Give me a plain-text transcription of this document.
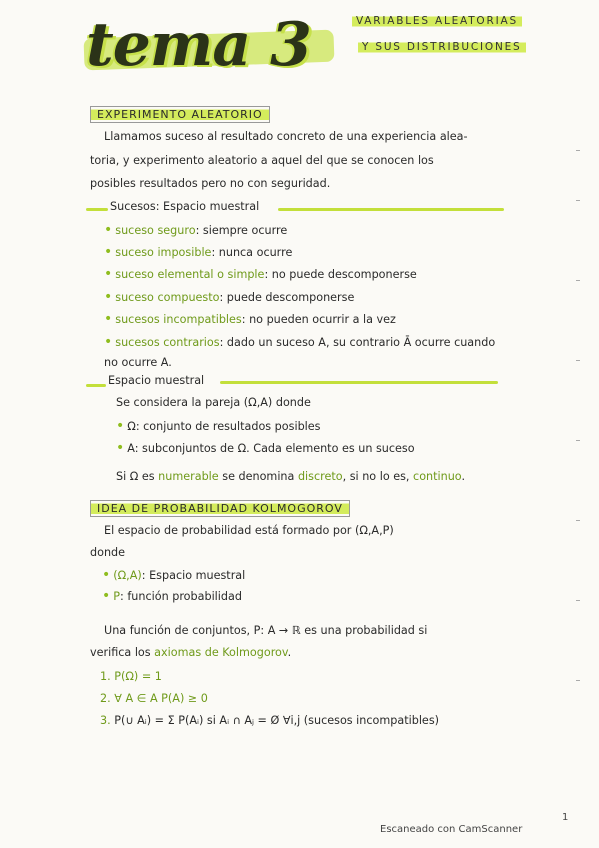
tema 3	VARIABLES ALEATORIAS
Y SUS DISTRIBUCIONES
EXPERIMENTO ALEATORIO
Llamamos suceso al resultado concreto de una experiencia alea-
toria, y experimento aleatorio a aquel del que se conocen los
posibles resultados pero no con seguridad.
Sucesos: Espacio muestral
• suceso seguro: siempre ocurre
• suceso imposible: nunca ocurre
• suceso elemental o simple: no puede descomponerse
• suceso compuesto: puede descomponerse
• sucesos incompatibles: no pueden ocurrir a la vez
• sucesos contrarios: dado un suceso A, su contrario Ā ocurre cuando
no ocurre A.
Espacio muestral
Se considera la pareja (Ω,A) donde
• Ω: conjunto de resultados posibles
• A: subconjuntos de Ω. Cada elemento es un suceso
Si Ω es numerable se denomina discreto, si no lo es, continuo.
IDEA DE PROBABILIDAD KOLMOGOROV
El espacio de probabilidad está formado por (Ω,A,P)
donde
• (Ω,A): Espacio muestral
• P: función probabilidad
Una función de conjuntos, P: A → ℝ es una probabilidad si
verifica los axiomas de Kolmogorov.
1. P(Ω) = 1
2. ∀ A ∈ A P(A) ≥ 0
3. P(∪ Aᵢ) = Σ P(Aᵢ) si Aᵢ ∩ Aⱼ = Ø ∀i,j (sucesos incompatibles)
Escaneado con CamScanner
1
